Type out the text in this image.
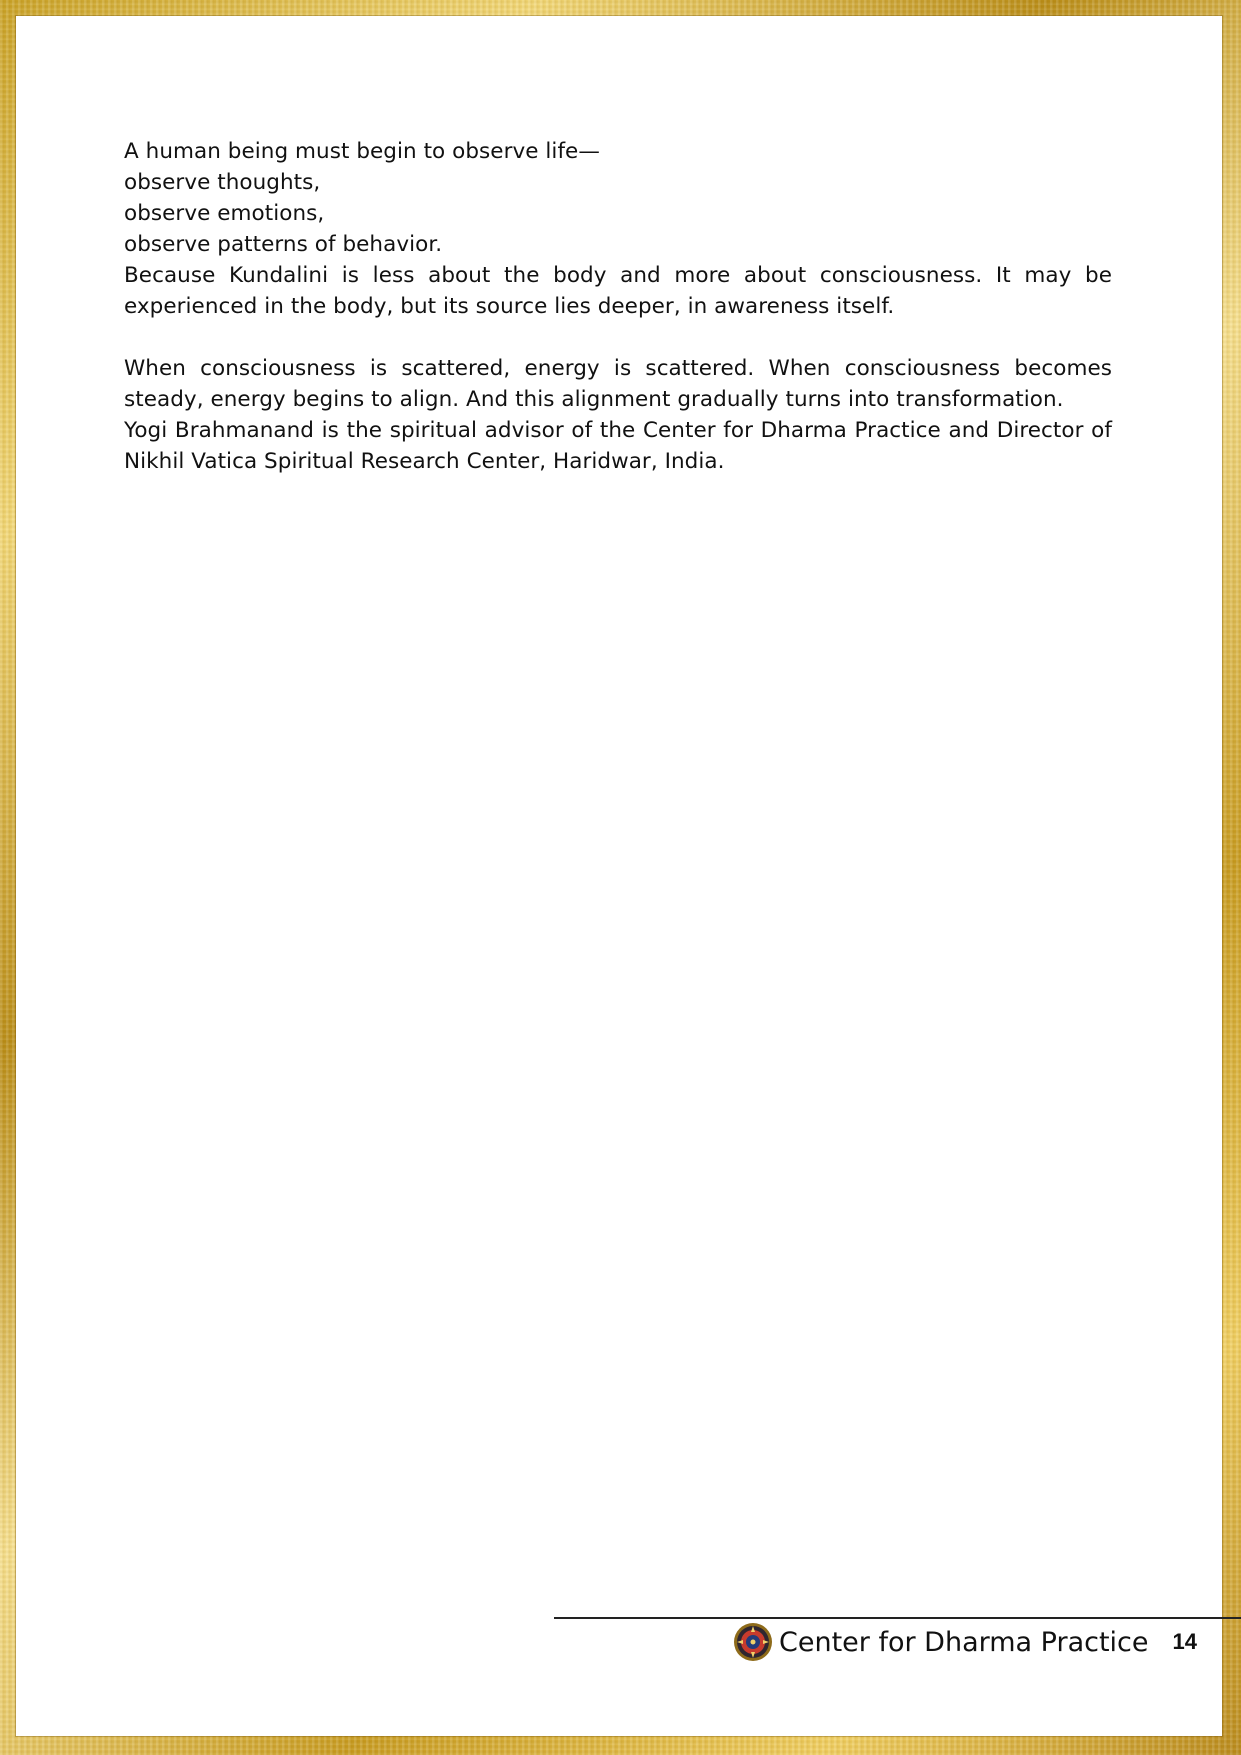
A human being must begin to observe life—
observe thoughts,
observe emotions,
observe patterns of behavior.

Because Kundalini is less about the body and more about consciousness. It may be experienced in the body, but its source lies deeper, in awareness itself.

When consciousness is scattered, energy is scattered. When consciousness becomes steady, energy begins to align. And this alignment gradually turns into transformation.

Yogi Brahmanand is the spiritual advisor of the Center for Dharma Practice and Director of Nikhil Vatica Spiritual Research Center, Haridwar, India.

Center for Dharma Practice 14
